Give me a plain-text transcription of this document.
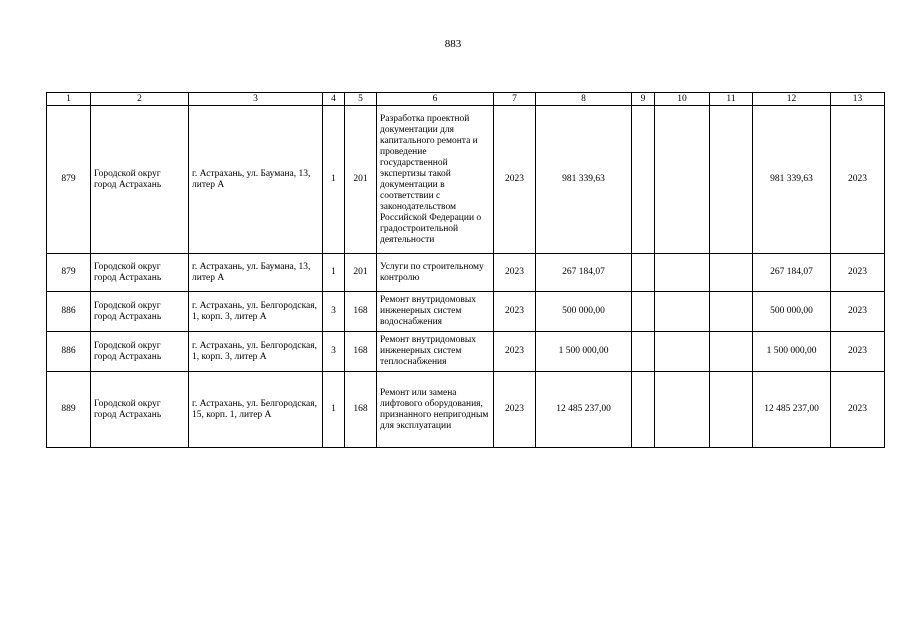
883
1	2	3	4	5	6	7	8	9	10	11	12	13
879	Городской округ город Астрахань	г. Астрахань, ул. Баумана, 13, литер А	1	201	Разработка проектной документации для капитального ремонта и проведение государственной экспертизы такой документации в соответствии с законодательством Российской Федерации о градостроительной деятельности	2023	981 339,63				981 339,63	2023
879	Городской округ город Астрахань	г. Астрахань, ул. Баумана, 13, литер А	1	201	Услуги по строительному контролю	2023	267 184,07				267 184,07	2023
886	Городской округ город Астрахань	г. Астрахань, ул. Белгородская, 1, корп. 3, литер А	3	168	Ремонт внутридомовых инженерных систем водоснабжения	2023	500 000,00				500 000,00	2023
886	Городской округ город Астрахань	г. Астрахань, ул. Белгородская, 1, корп. 3, литер А	3	168	Ремонт внутридомовых инженерных систем теплоснабжения	2023	1 500 000,00				1 500 000,00	2023
889	Городской округ город Астрахань	г. Астрахань, ул. Белгородская, 15, корп. 1, литер А	1	168	Ремонт или замена лифтового оборудования, признанного непригодным для эксплуатации	2023	12 485 237,00				12 485 237,00	2023
